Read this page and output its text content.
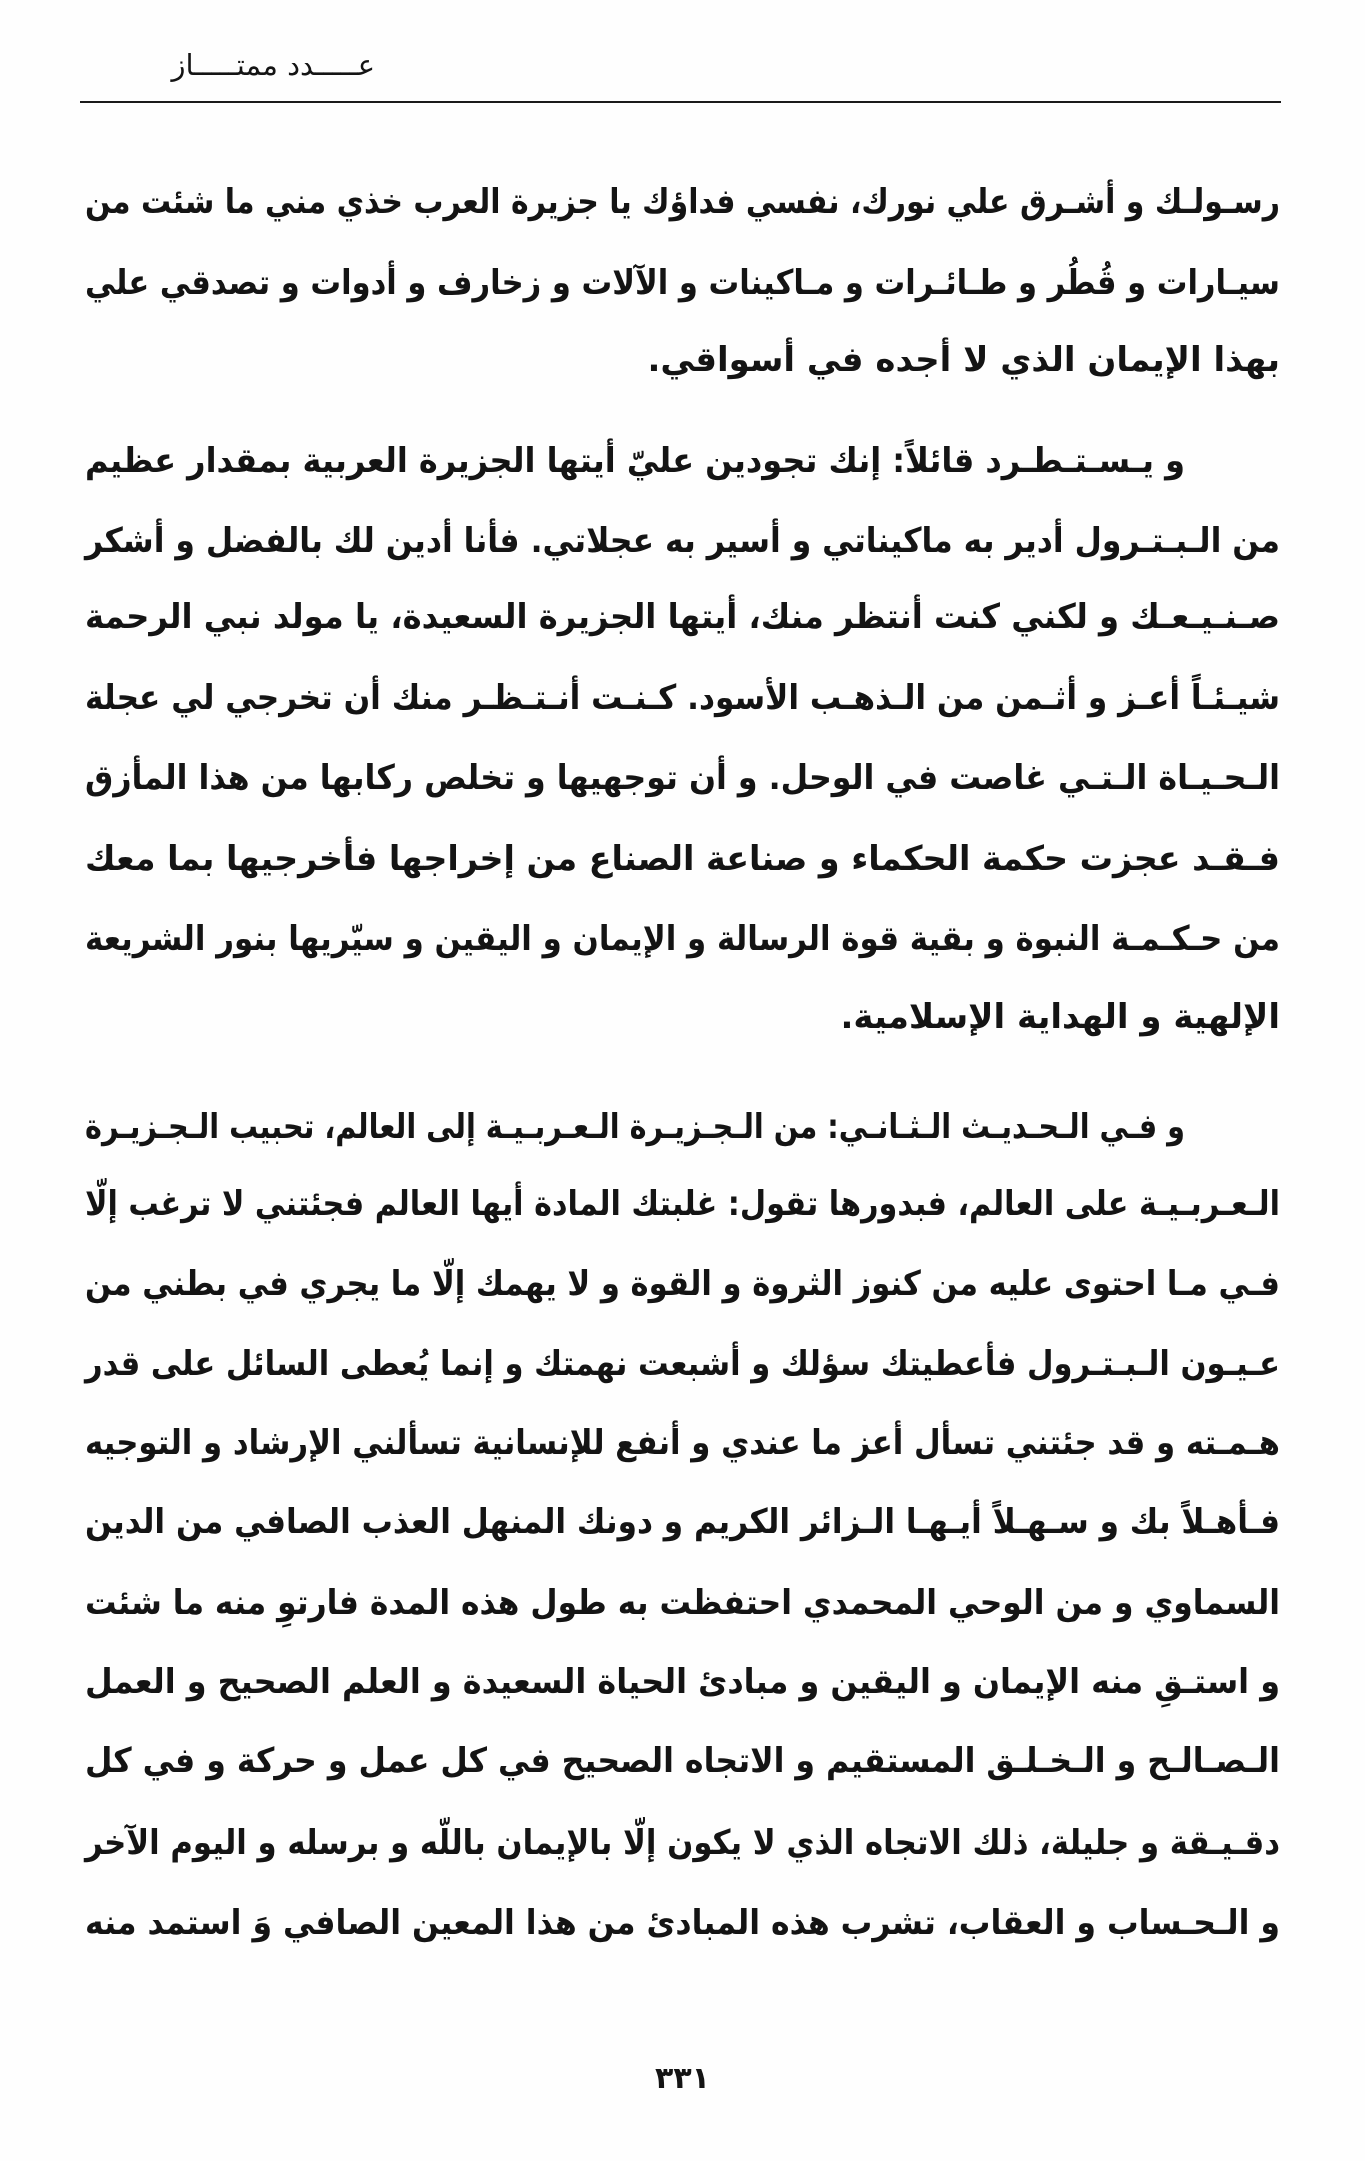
عـــــدد ممتـــــاز
رسـولـك و أشـرق علي نورك، نفسي فداؤك يا جزيرة العرب خذي مني ما شئت من
سيـارات و قُطُر و طـائـرات و مـاكينات و الآلات و زخارف و أدوات و تصدقي علي
بهذا الإيمان الذي لا أجده في أسواقي.
و يـسـتـطـرد قائلاً: إنك تجودين عليّ أيتها الجزيرة العربية بمقدار عظيم
من الـبـتـرول أدير به ماكيناتي و أسير به عجلاتي. فأنا أدين لك بالفضل و أشكر
صـنـيـعـك و لكني كنت أنتظر منك، أيتها الجزيرة السعيدة، يا مولد نبي الرحمة
شيـئـاً أعـز و أثـمن من الـذهـب الأسود. كـنـت أنـتـظـر منك أن تخرجي لي عجلة
الـحـيـاة الـتـي غاصت في الوحل. و أن توجهيها و تخلص ركابها من هذا المأزق
فـقـد عجزت حكمة الحكماء و صناعة الصناع من إخراجها فأخرجيها بما معك
من حـكـمـة النبوة و بقية قوة الرسالة و الإيمان و اليقين و سيّريها بنور الشريعة
الإلهية و الهداية الإسلامية.
و فـي الـحـديـث الـثـانـي: من الـجـزيـرة الـعـربـيـة إلى العالم، تحبيب الـجـزيـرة
الـعـربـيـة على العالم، فبدورها تقول: غلبتك المادة أيها العالم فجئتني لا ترغب إلّا
فـي مـا احتوى عليه من كنوز الثروة و القوة و لا يهمك إلّا ما يجري في بطني من
عـيـون الـبـتـرول فأعطيتك سؤلك و أشبعت نهمتك و إنما يُعطى السائل على قدر
هـمـته و قد جئتني تسأل أعز ما عندي و أنفع للإنسانية تسألني الإرشاد و التوجيه
فـأهـلاً بك و سـهـلاً أيـهـا الـزائر الكريم و دونك المنهل العذب الصافي من الدين
السماوي و من الوحي المحمدي احتفظت به طول هذه المدة فارتوِ منه ما شئت
و استـقِ منه الإيمان و اليقين و مبادئ الحياة السعيدة و العلم الصحيح و العمل
الـصـالـح و الـخـلـق المستقيم و الاتجاه الصحيح في كل عمل و حركة و في كل
دقـيـقة و جليلة، ذلك الاتجاه الذي لا يكون إلّا بالإيمان باللّه و برسله و اليوم الآخر
و الـحـساب و العقاب، تشرب هذه المبادئ من هذا المعين الصافي وَ استمد منه
٣٣١
